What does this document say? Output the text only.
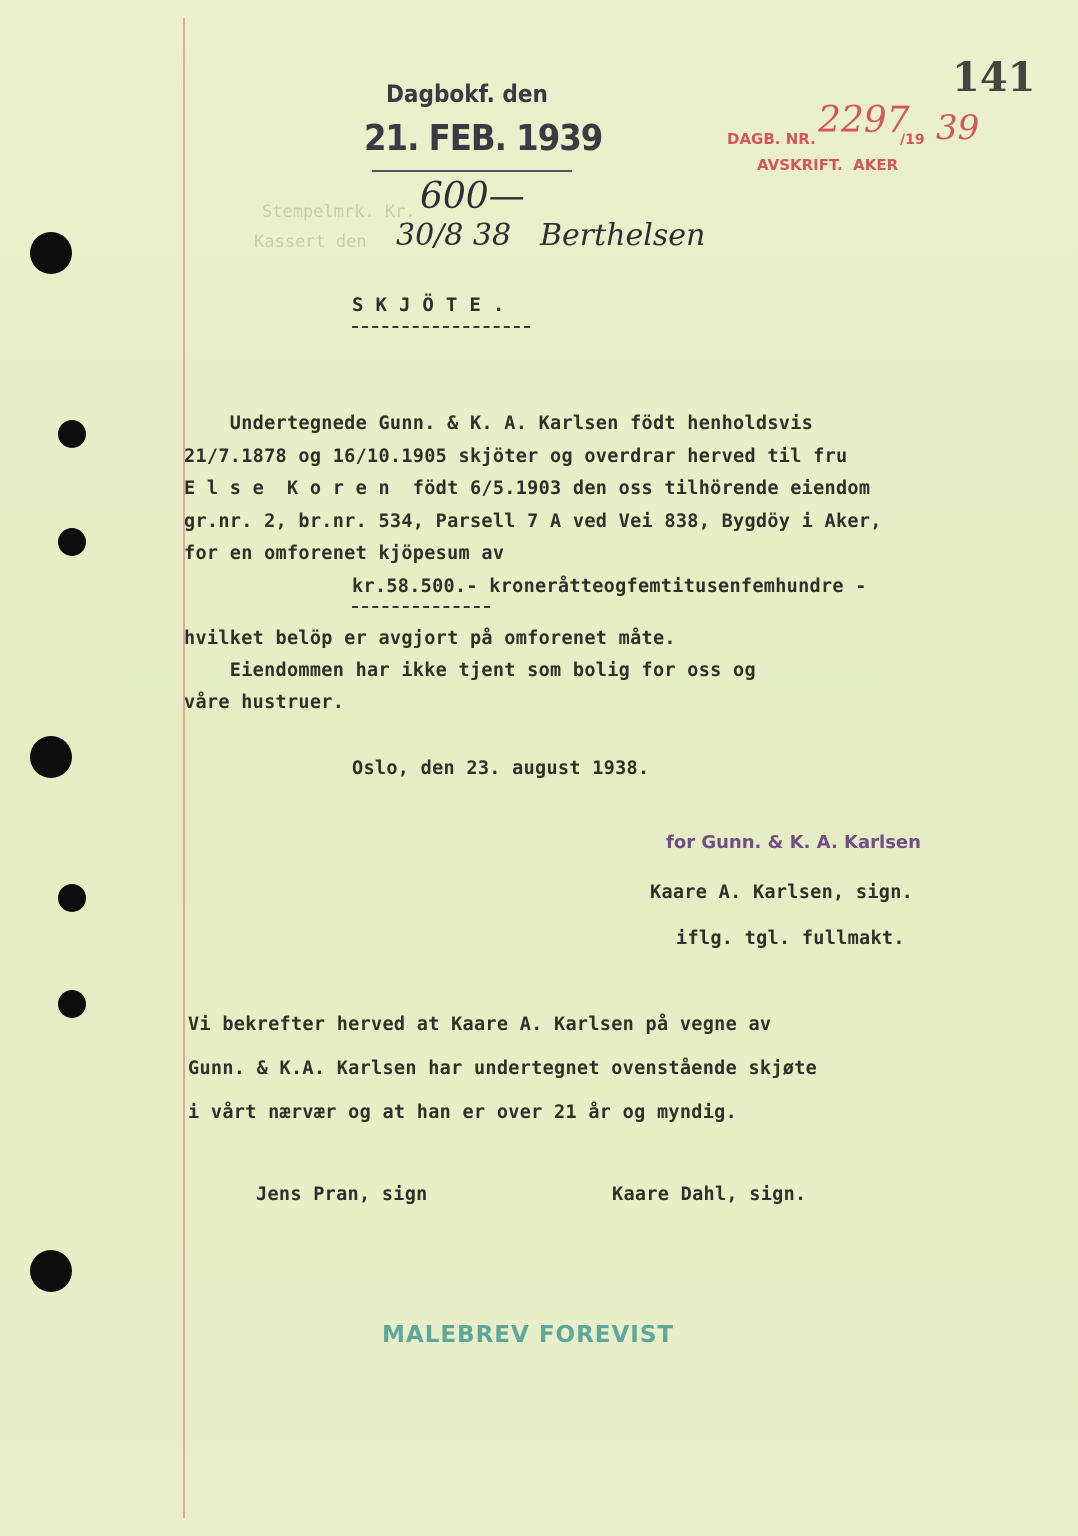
141
Dagbokf. den
21. FEB. 1939	DAGB. NR. 2297
/19 39
AVSKRIFT.  AKER
Stempelmrk. Kr. 600—
Kassert den 30/8 38 Berthelsen
S K J Ö T E .
Undertegnede Gunn. & K. A. Karlsen födt henholdsvis
21/7.1878 og 16/10.1905 skjöter og overdrar herved til fru
E l s e  K o r e n  födt 6/5.1903 den oss tilhörende eiendom
gr.nr. 2, br.nr. 534, Parsell 7 A ved Vei 838, Bygdöy i Aker,
for en omforenet kjöpesum av
kr.58.500.- kroneråtteogfemtitusenfemhundre -
hvilket belöp er avgjort på omforenet måte.
Eiendommen har ikke tjent som bolig for oss og
våre hustruer.
Oslo, den 23. august 1938.
for Gunn. & K. A. Karlsen
Kaare A. Karlsen, sign.
iflg. tgl. fullmakt.
Vi bekrefter herved at Kaare A. Karlsen på vegne av
Gunn. & K.A. Karlsen har undertegnet ovenstående skjøte
i vårt nærvær og at han er over 21 år og myndig.
Jens Pran, sign	Kaare Dahl, sign.
MALEBREV FOREVIST
